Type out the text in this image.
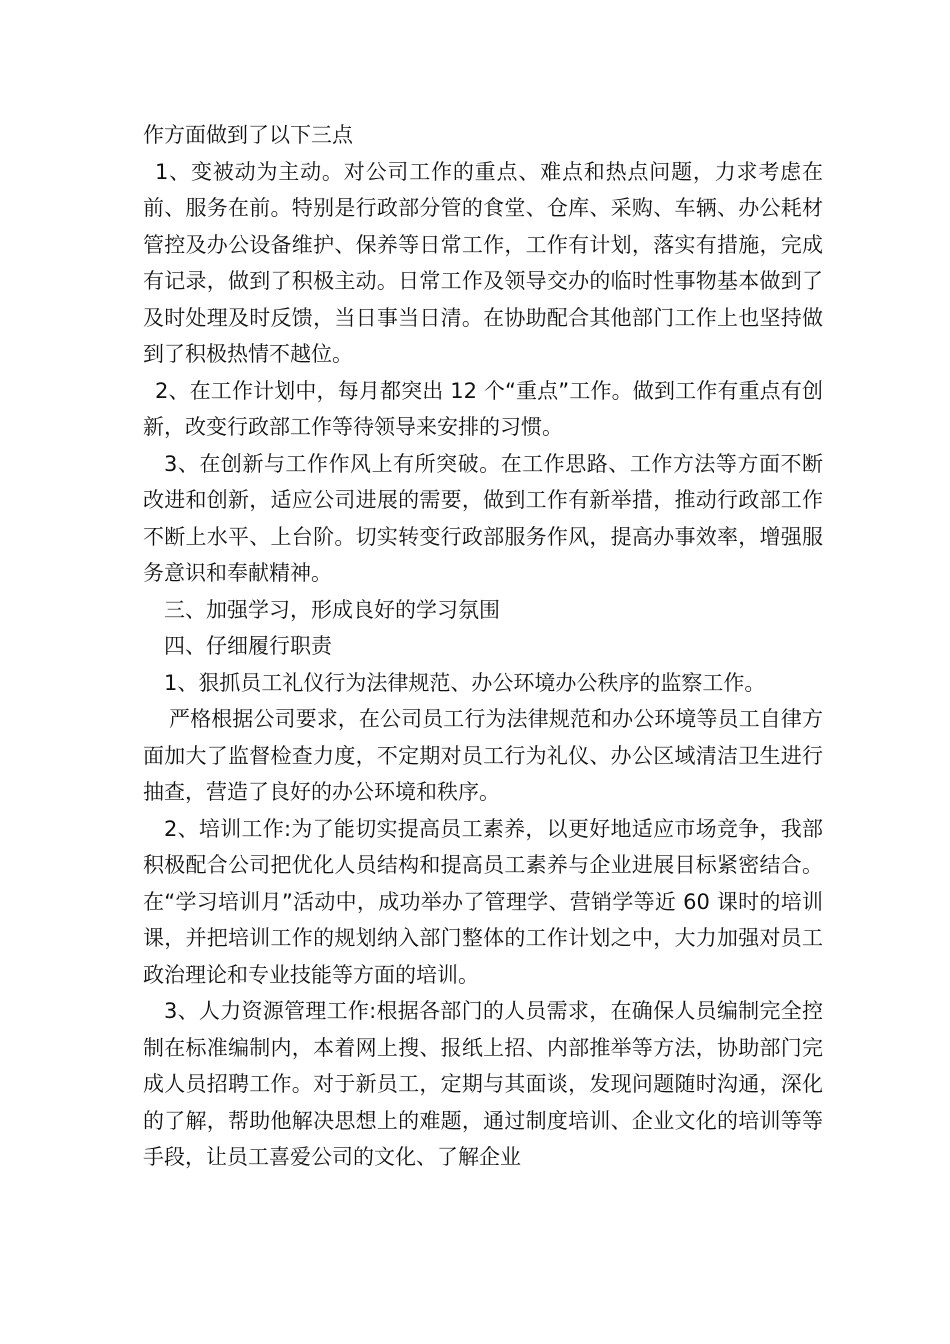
作方面做到了以下三点

1、变被动为主动。对公司工作的重点、难点和热点问题，力求考虑在前、服务在前。特别是行政部分管的食堂、仓库、采购、车辆、办公耗材管控及办公设备维护、保养等日常工作，工作有计划，落实有措施，完成有记录，做到了积极主动。日常工作及领导交办的临时性事物基本做到了及时处理及时反馈，当日事当日清。在协助配合其他部门工作上也坚持做到了积极热情不越位。

2、在工作计划中，每月都突出 12 个“重点”工作。做到工作有重点有创新，改变行政部工作等待领导来安排的习惯。

3、在创新与工作作风上有所突破。在工作思路、工作方法等方面不断改进和创新，适应公司进展的需要，做到工作有新举措，推动行政部工作不断上水平、上台阶。切实转变行政部服务作风，提高办事效率，增强服务意识和奉献精神。

三、加强学习，形成良好的学习氛围

四、仔细履行职责

1、狠抓员工礼仪行为法律规范、办公环境办公秩序的监察工作。

严格根据公司要求，在公司员工行为法律规范和办公环境等员工自律方面加大了监督检查力度，不定期对员工行为礼仪、办公区域清洁卫生进行抽查，营造了良好的办公环境和秩序。

2、培训工作:为了能切实提高员工素养，以更好地适应市场竞争，我部积极配合公司把优化人员结构和提高员工素养与企业进展目标紧密结合。在“学习培训月”活动中，成功举办了管理学、营销学等近 60 课时的培训课，并把培训工作的规划纳入部门整体的工作计划之中，大力加强对员工政治理论和专业技能等方面的培训。

3、人力资源管理工作:根据各部门的人员需求，在确保人员编制完全控制在标准编制内，本着网上搜、报纸上招、内部推举等方法，协助部门完成人员招聘工作。对于新员工，定期与其面谈，发现问题随时沟通，深化的了解，帮助他解决思想上的难题，通过制度培训、企业文化的培训等等手段，让员工喜爱公司的文化、了解企业
